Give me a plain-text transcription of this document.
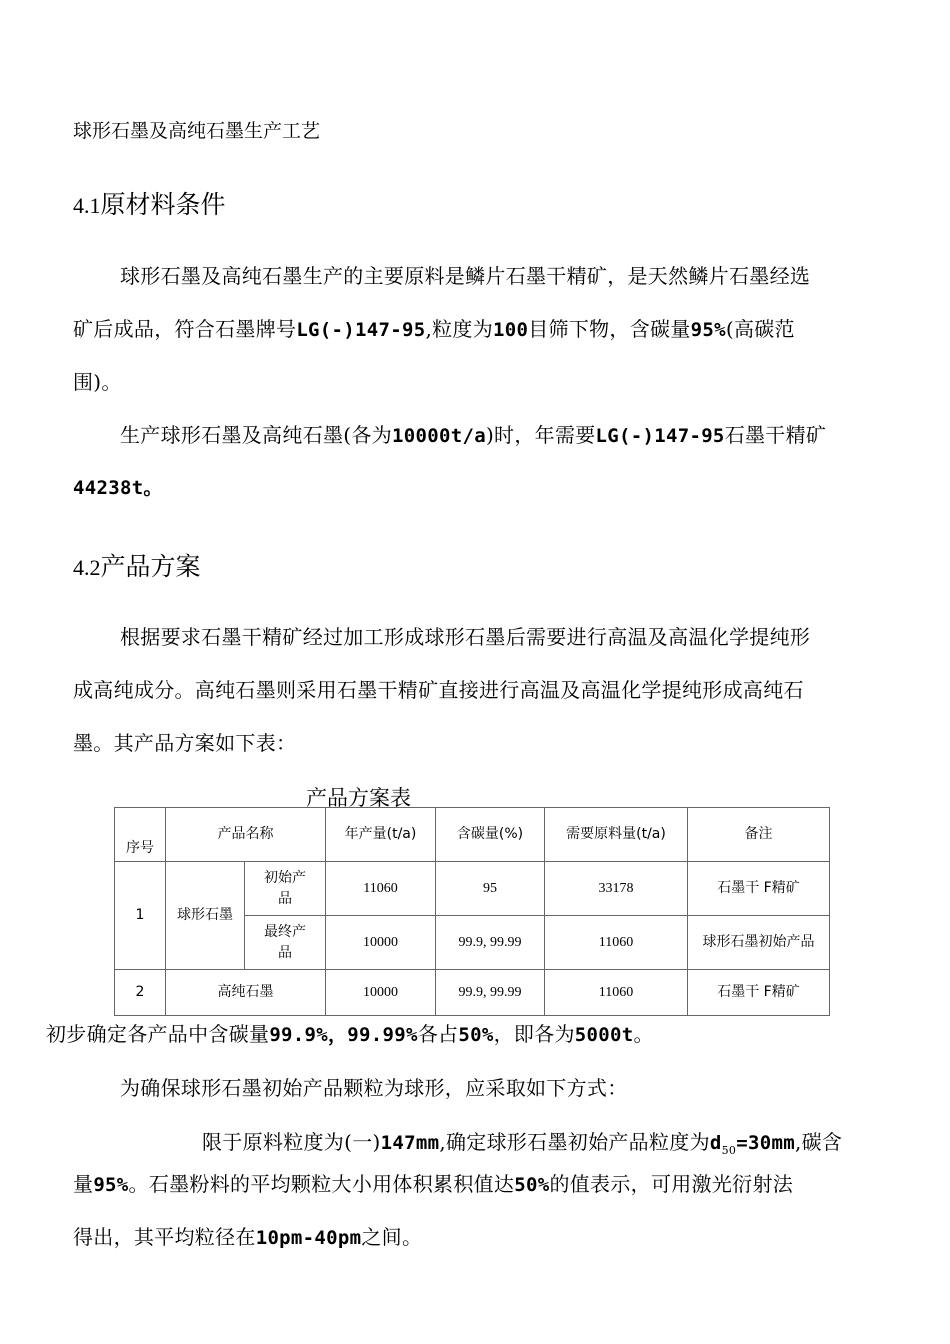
球形石墨及高纯石墨生产工艺
4.1原材料条件
球形石墨及高纯石墨生产的主要原料是鳞片石墨干精矿，是天然鳞片石墨经选
矿后成品，符合石墨牌号LG(-)147-95,粒度为100目筛下物，含碳量95%(高碳范
围)。
生产球形石墨及高纯石墨(各为10000t/a)时，年需要LG(-)147-95石墨干精矿
44238t。
4.2产品方案
根据要求石墨干精矿经过加工形成球形石墨后需要进行高温及高温化学提纯形
成高纯成分。高纯石墨则采用石墨干精矿直接进行高温及高温化学提纯形成高纯石
墨。其产品方案如下表：
产品方案表
序号	产品名称		年产量(t/a)	含碳量(%)	需要原料量(t/a)	备注
1	球形石墨	初始产品	11060	95	33178	石墨干 F精矿
		最终产品	10000	99.9, 99.99	11060	球形石墨初始产品
2	高纯石墨		10000	99.9, 99.99	11060	石墨干 F精矿
初步确定各产品中含碳量99.9%，99.99%各占50%，即各为5000t。
为确保球形石墨初始产品颗粒为球形，应采取如下方式：
限于原料粒度为(一)147mm,确定球形石墨初始产品粒度为$d_{50}=30mm$,碳含
量95%。石墨粉料的平均颗粒大小用体积累积值达50%的值表示，可用激光衍射法
得出，其平均粒径在10pm-40pm之间。
